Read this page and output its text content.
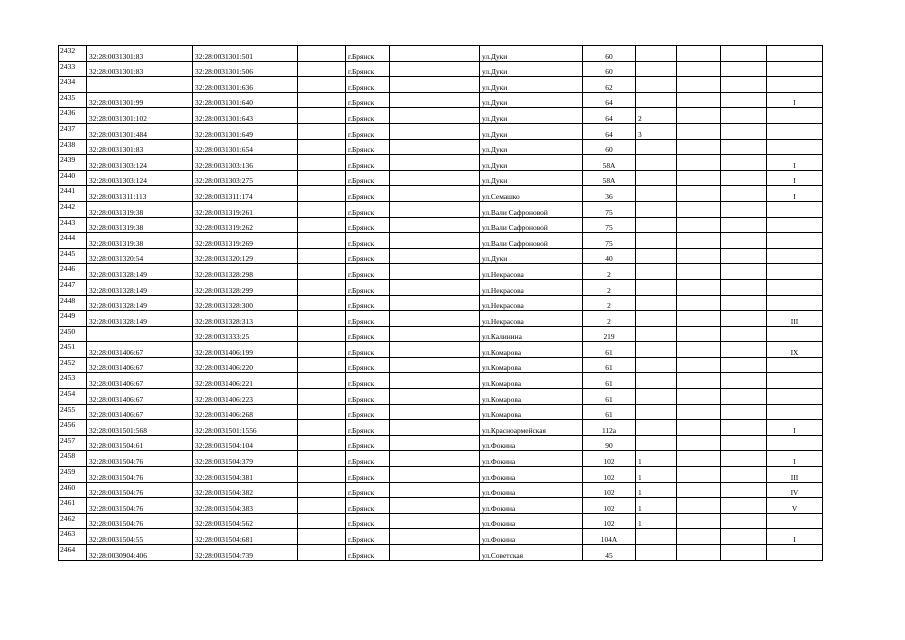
2432	32:28:0031301:83	32:28:0031301:501		г.Брянск		ул.Дуки	60				
2433	32:28:0031301:83	32:28:0031301:506		г.Брянск		ул.Дуки	60				
2434		32:28:0031301:636		г.Брянск		ул.Дуки	62				
2435	32:28:0031301:99	32:28:0031301:640		г.Брянск		ул.Дуки	64				I
2436	32:28:0031301:102	32:28:0031301:643		г.Брянск		ул.Дуки	64	2			
2437	32:28:0031301:484	32:28:0031301:649		г.Брянск		ул.Дуки	64	3			
2438	32:28:0031301:83	32:28:0031301:654		г.Брянск		ул.Дуки	60				
2439	32:28:0031303:124	32:28:0031303:136		г.Брянск		ул.Дуки	58А				I
2440	32:28:0031303:124	32:28:0031303:275		г.Брянск		ул.Дуки	58А				I
2441	32:28:0031311:113	32:28:0031311:174		г.Брянск		ул.Семашко	36				I
2442	32:28:0031319:38	32:28:0031319:261		г.Брянск		ул.Вали Сафроновой	75				
2443	32:28:0031319:38	32:28:0031319:262		г.Брянск		ул.Вали Сафроновой	75				
2444	32:28:0031319:38	32:28:0031319:269		г.Брянск		ул.Вали Сафроновой	75				
2445	32:28:0031320:54	32:28:0031320:129		г.Брянск		ул.Дуки	40				
2446	32:28:0031328:149	32:28:0031328:298		г.Брянск		ул.Некрасова	2				
2447	32:28:0031328:149	32:28:0031328:299		г.Брянск		ул.Некрасова	2				
2448	32:28:0031328:149	32:28:0031328:300		г.Брянск		ул.Некрасова	2				
2449	32:28:0031328:149	32:28:0031328:313		г.Брянск		ул.Некрасова	2				III
2450		32:28:0031333:25		г.Брянск		ул.Калинина	219				
2451	32:28:0031406:67	32:28:0031406:199		г.Брянск		ул.Комарова	61				IX
2452	32:28:0031406:67	32:28:0031406:220		г.Брянск		ул.Комарова	61				
2453	32:28:0031406:67	32:28:0031406:221		г.Брянск		ул.Комарова	61				
2454	32:28:0031406:67	32:28:0031406:223		г.Брянск		ул.Комарова	61				
2455	32:28:0031406:67	32:28:0031406:268		г.Брянск		ул.Комарова	61				
2456	32:28:0031501:568	32:28:0031501:1556		г.Брянск		ул.Красноармейская	112а				I
2457	32:28:0031504:61	32:28:0031504:104		г.Брянск		ул.Фокина	90				
2458	32:28:0031504:76	32:28:0031504:379		г.Брянск		ул.Фокина	102	1			I
2459	32:28:0031504:76	32:28:0031504:381		г.Брянск		ул.Фокина	102	1			III
2460	32:28:0031504:76	32:28:0031504:382		г.Брянск		ул.Фокина	102	1			IV
2461	32:28:0031504:76	32:28:0031504:383		г.Брянск		ул.Фокина	102	1			V
2462	32:28:0031504:76	32:28:0031504:562		г.Брянск		ул.Фокина	102	1			
2463	32:28:0031504:55	32:28:0031504:681		г.Брянск		ул.Фокина	104А				I
2464	32:28:0030904:406	32:28:0031504:739		г.Брянск		ул.Советская	45				
